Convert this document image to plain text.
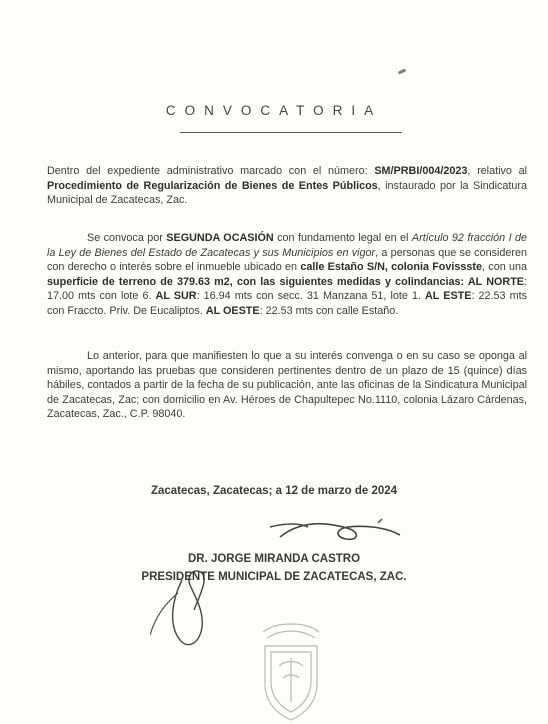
CONVOCATORIA
Dentro del expediente administrativo marcado con el número: SM/PRBI/004/2023, relativo al Procedimiento de Regularización de Bienes de Entes Públicos, instaurado por la Sindicatura Municipal de Zacatecas, Zac.
Se convoca por SEGUNDA OCASIÓN con fundamento legal en el Artículo 92 fracción I de la Ley de Bienes del Estado de Zacatecas y sus Municipios en vigor, a personas que se consideren con derecho o interés sobre el inmueble ubicado en calle Estaño S/N, colonia Fovissste, con una superficie de terreno de 379.63 m2, con las siguientes medidas y colindancias: AL NORTE: 17.00 mts con lote 6. AL SUR: 16.94 mts con secc. 31 Manzana 51, lote 1. AL ESTE: 22.53 mts con Fraccto. Priv. De Eucaliptos. AL OESTE: 22.53 mts con calle Estaño.
Lo anterior, para que manifiesten lo que a su interés convenga o en su caso se oponga al mismo, aportando las pruebas que consideren pertinentes dentro de un plazo de 15 (quince) días hábiles, contados a partir de la fecha de su publicación, ante las oficinas de la Sindicatura Municipal de Zacatecas, Zac; con domicilio en Av. Héroes de Chapultepec No.1110, colonia Lázaro Cárdenas, Zacatecas, Zac., C.P. 98040.
Zacatecas, Zacatecas; a 12 de marzo de 2024
DR. JORGE MIRANDA CASTRO
PRESIDENTE MUNICIPAL DE ZACATECAS, ZAC.
